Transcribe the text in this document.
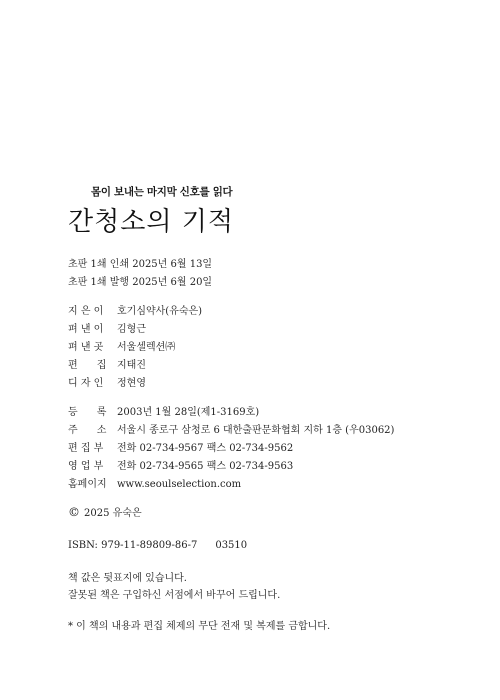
몸이 보내는 마지막 신호를 읽다
간청소의 기적
초판 1쇄 인쇄 2025년 6월 13일
초판 1쇄 발행 2025년 6월 20일
지 은 이 호기심약사(유숙은)
펴 낸 이 김형근
펴 낸 곳 서울셀렉션㈜
편      집 지태진
디 자 인 정현영
등      록 2003년 1월 28일(제1-3169호)
주      소 서울시 종로구 삼청로 6 대한출판문화협회 지하 1층 (우03062)
편 집 부 전화 02-734-9567 팩스 02-734-9562
영 업 부 전화 02-734-9565 팩스 02-734-9563
홈페이지 www.seoulselection.com
© 2025 유숙은
ISBN: 979-11-89809-86-7 03510
책 값은 뒷표지에 있습니다.
잘못된 책은 구입하신 서점에서 바꾸어 드립니다.
* 이 책의 내용과 편집 체제의 무단 전재 및 복제를 금합니다.
